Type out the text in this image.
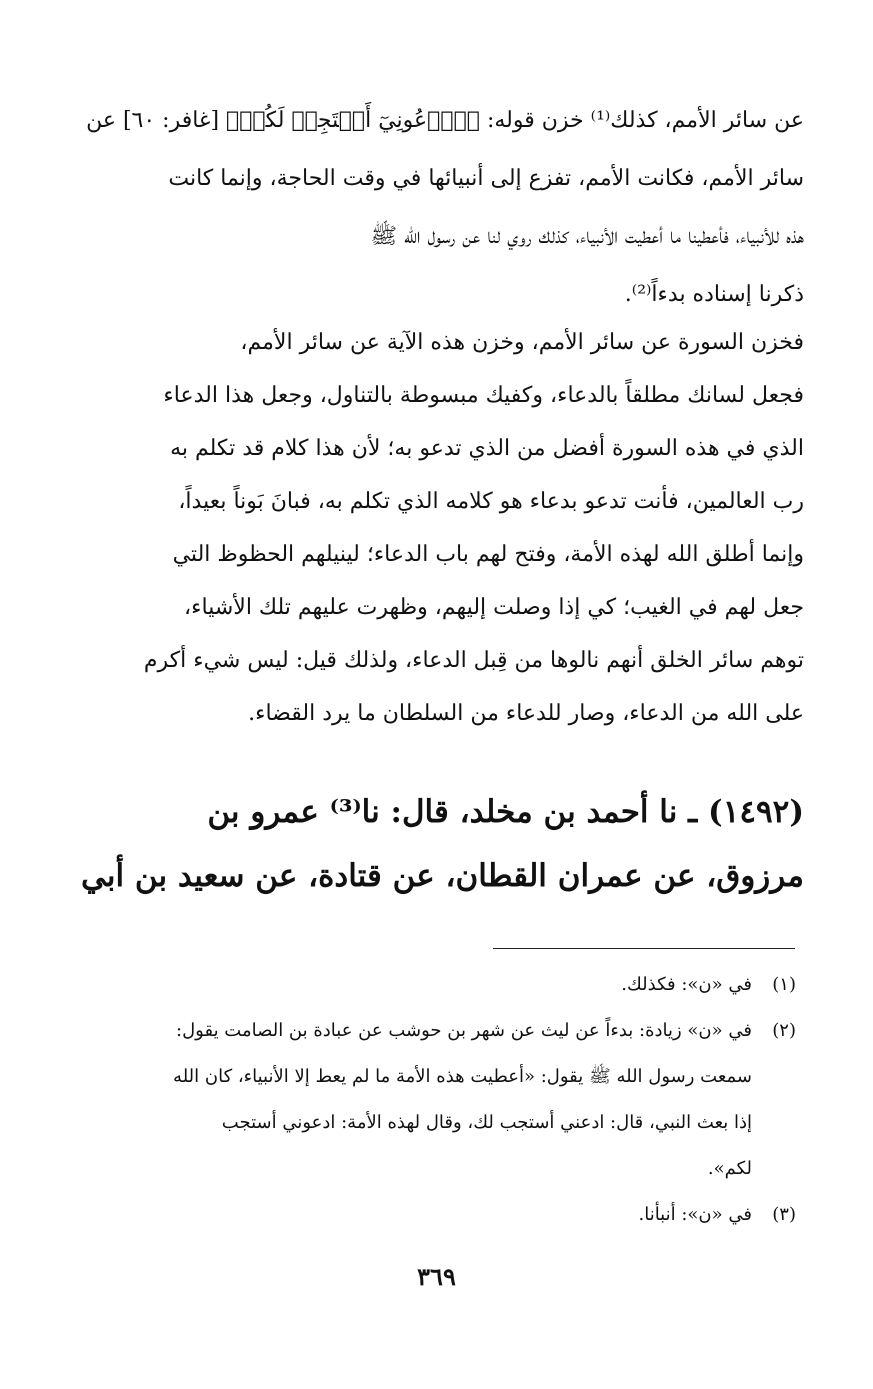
عن سائر الأمم، كذلك⁽¹⁾ خزن قوله: ﴿ٱدۡعُونِيٓ أَسۡتَجِبۡ لَكُمۡ﴾ [غافر: ٦٠] عن
سائر الأمم، فكانت الأمم، تفزع إلى أنبيائها في وقت الحاجة، وإنما كانت
هذه للأنبياء، فأعطينا ما أعطيت الأنبياء، كذلك روي لنا عن رسول الله ﷺ
ذكرنا إسناده بدءاً⁽²⁾.
فخزن السورة عن سائر الأمم، وخزن هذه الآية عن سائر الأمم،
فجعل لسانك مطلقاً بالدعاء، وكفيك مبسوطة بالتناول، وجعل هذا الدعاء
الذي في هذه السورة أفضل من الذي تدعو به؛ لأن هذا كلام قد تكلم به
رب العالمين، فأنت تدعو بدعاء هو كلامه الذي تكلم به، فبانَ بَوناً بعيداً،
وإنما أطلق الله لهذه الأمة، وفتح لهم باب الدعاء؛ لينيلهم الحظوظ التي
جعل لهم في الغيب؛ كي إذا وصلت إليهم، وظهرت عليهم تلك الأشياء،
توهم سائر الخلق أنهم نالوها من قِبل الدعاء، ولذلك قيل: ليس شيء أكرم
على الله من الدعاء، وصار للدعاء من السلطان ما يرد القضاء.
(١٤٩٢) ـ نا أحمد بن مخلد، قال: نا⁽³⁾ عمرو بن
مرزوق، عن عمران القطان، عن قتادة، عن سعيد بن أبي
(١)
في «ن»: فكذلك.
(٢)
في «ن» زيادة: بدءاً عن ليث عن شهر بن حوشب عن عبادة بن الصامت يقول:
سمعت رسول الله ﷺ يقول: «أعطيت هذه الأمة ما لم يعط إلا الأنبياء، كان الله
إذا بعث النبي، قال: ادعني أستجب لك، وقال لهذه الأمة: ادعوني أستجب
لكم».
(٣)
في «ن»: أنبأنا.
٣٦٩
